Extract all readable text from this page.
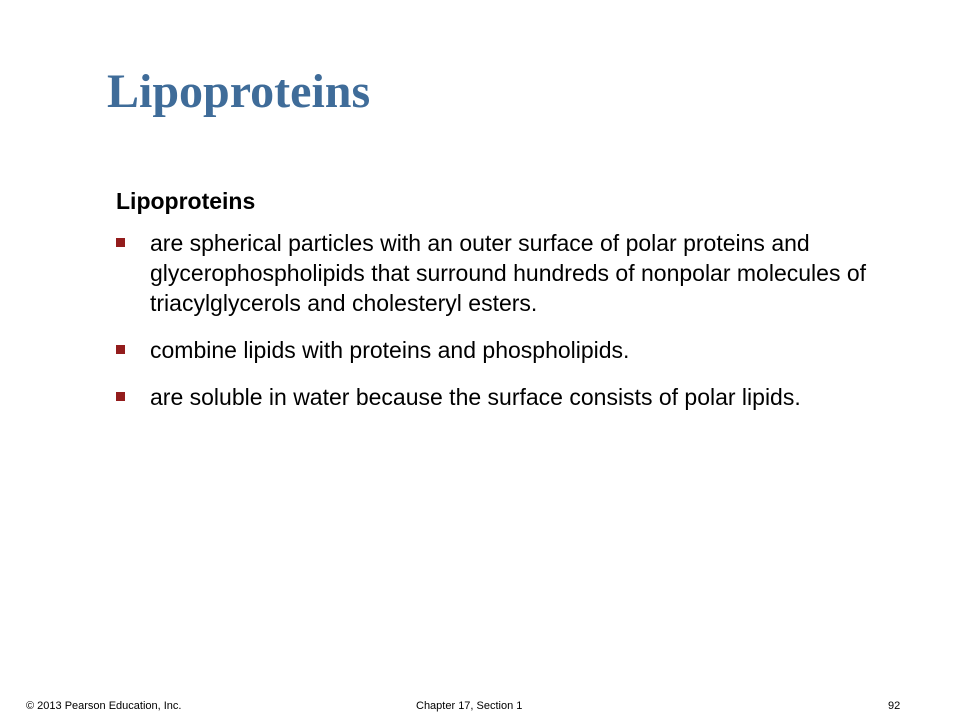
Lipoproteins
Lipoproteins
are spherical particles with an outer surface of polar proteins and glycerophospholipids that surround hundreds of nonpolar molecules of triacylglycerols and cholesteryl esters.
combine lipids with proteins and phospholipids.
are soluble in water because the surface consists of polar lipids.
© 2013 Pearson Education, Inc.	Chapter 17, Section 1	92
